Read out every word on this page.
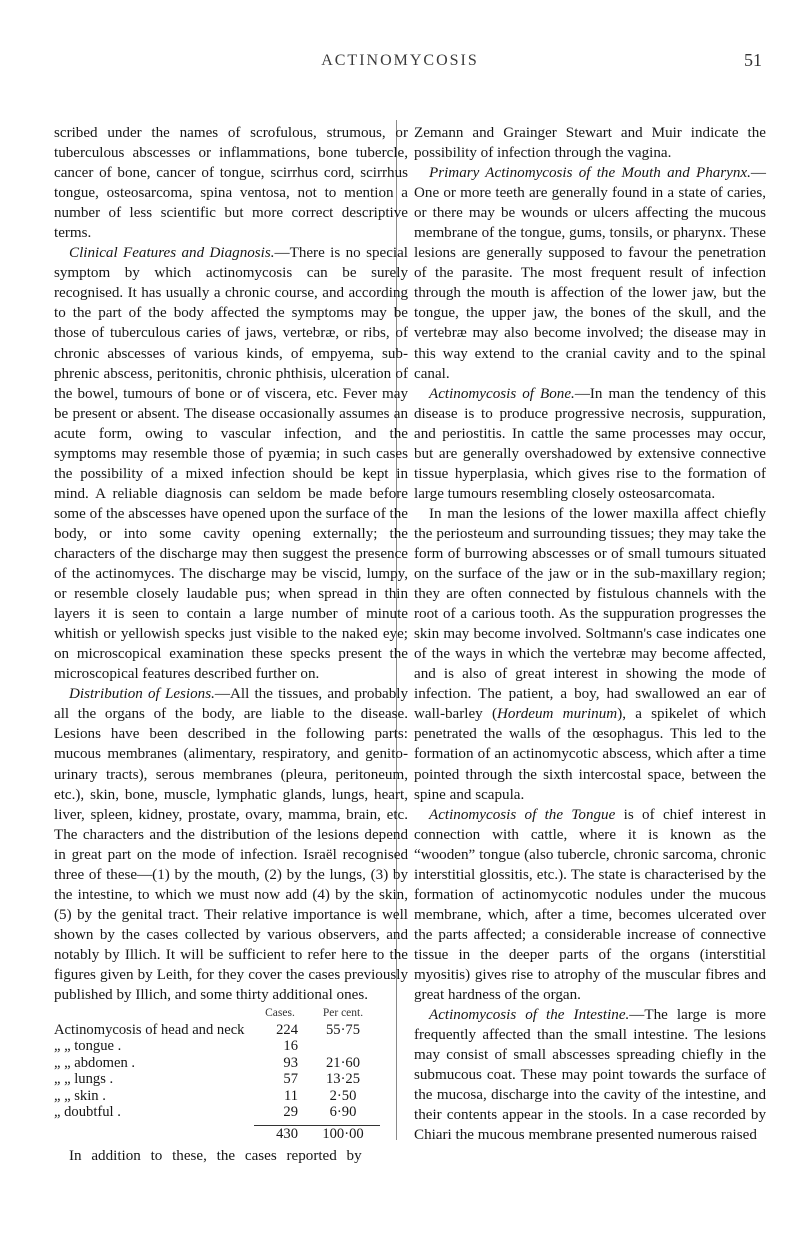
ACTINOMYCOSIS	51

scribed under the names of scrofulous, strumous, or tuberculous abscesses or inflammations, bone tubercle, cancer of bone, cancer of tongue, scirrhus cord, scirrhus tongue, osteosarcoma, spina ventosa, not to mention a number of less scientific but more correct descriptive terms.

Clinical Features and Diagnosis.—There is no special symptom by which actinomycosis can be surely recognised. It has usually a chronic course, and according to the part of the body affected the symptoms may be those of tuberculous caries of jaws, vertebræ, or ribs, of chronic abscesses of various kinds, of empyema, sub-phrenic abscess, peritonitis, chronic phthisis, ulceration of the bowel, tumours of bone or of viscera, etc. Fever may be present or absent. The disease occasionally assumes an acute form, owing to vascular infection, and the symptoms may resemble those of pyæmia; in such cases the possibility of a mixed infection should be kept in mind. A reliable diagnosis can seldom be made before some of the abscesses have opened upon the surface of the body, or into some cavity opening externally; the characters of the discharge may then suggest the presence of the actinomyces. The discharge may be viscid, lumpy, or resemble closely laudable pus; when spread in thin layers it is seen to contain a large number of minute whitish or yellowish specks just visible to the naked eye; on microscopical examination these specks present the microscopical features described further on.

Distribution of Lesions.—All the tissues, and probably all the organs of the body, are liable to the disease. Lesions have been described in the following parts: mucous membranes (alimentary, respiratory, and genito-urinary tracts), serous membranes (pleura, peritoneum, etc.), skin, bone, muscle, lymphatic glands, lungs, heart, liver, spleen, kidney, prostate, ovary, mamma, brain, etc. The characters and the distribution of the lesions depend in great part on the mode of infection. Israël recognised three of these—(1) by the mouth, (2) by the lungs, (3) by the intestine, to which we must now add (4) by the skin, (5) by the genital tract. Their relative importance is well shown by the cases collected by various observers, and notably by Illich. It will be sufficient to refer here to the figures given by Leith, for they cover the cases previously published by Illich, and some thirty additional ones.

Cases.	Per cent.
Actinomycosis of head and neck	224	55·75
„ „ tongue .	16
„ „ abdomen .	93	21·60
„ „ lungs .	57	13·25
„ „ skin .	11	2·50
„ doubtful .	29	6·90
430	100·00

In addition to these, the cases reported by

Zemann and Grainger Stewart and Muir indicate the possibility of infection through the vagina.

Primary Actinomycosis of the Mouth and Pharynx.—One or more teeth are generally found in a state of caries, or there may be wounds or ulcers affecting the mucous membrane of the tongue, gums, tonsils, or pharynx. These lesions are generally supposed to favour the penetration of the parasite. The most frequent result of infection through the mouth is affection of the lower jaw, but the tongue, the upper jaw, the bones of the skull, and the vertebræ may also become involved; the disease may in this way extend to the cranial cavity and to the spinal canal.

Actinomycosis of Bone.—In man the tendency of this disease is to produce progressive necrosis, suppuration, and periostitis. In cattle the same processes may occur, but are generally overshadowed by extensive connective tissue hyperplasia, which gives rise to the formation of large tumours resembling closely osteosarcomata.

In man the lesions of the lower maxilla affect chiefly the periosteum and surrounding tissues; they may take the form of burrowing abscesses or of small tumours situated on the surface of the jaw or in the sub-maxillary region; they are often connected by fistulous channels with the root of a carious tooth. As the suppuration progresses the skin may become involved. Soltmann's case indicates one of the ways in which the vertebræ may become affected, and is also of great interest in showing the mode of infection. The patient, a boy, had swallowed an ear of wall-barley (Hordeum murinum), a spikelet of which penetrated the walls of the œsophagus. This led to the formation of an actinomycotic abscess, which after a time pointed through the sixth intercostal space, between the spine and scapula.

Actinomycosis of the Tongue is of chief interest in connection with cattle, where it is known as the “wooden” tongue (also tubercle, chronic sarcoma, chronic interstitial glossitis, etc.). The state is characterised by the formation of actinomycotic nodules under the mucous membrane, which, after a time, becomes ulcerated over the parts affected; a considerable increase of connective tissue in the deeper parts of the organs (interstitial myositis) gives rise to atrophy of the muscular fibres and great hardness of the organ.

Actinomycosis of the Intestine.—The large is more frequently affected than the small intestine. The lesions may consist of small abscesses spreading chiefly in the submucous coat. These may point towards the surface of the mucosa, discharge into the cavity of the intestine, and their contents appear in the stools. In a case recorded by Chiari the mucous membrane presented numerous raised
